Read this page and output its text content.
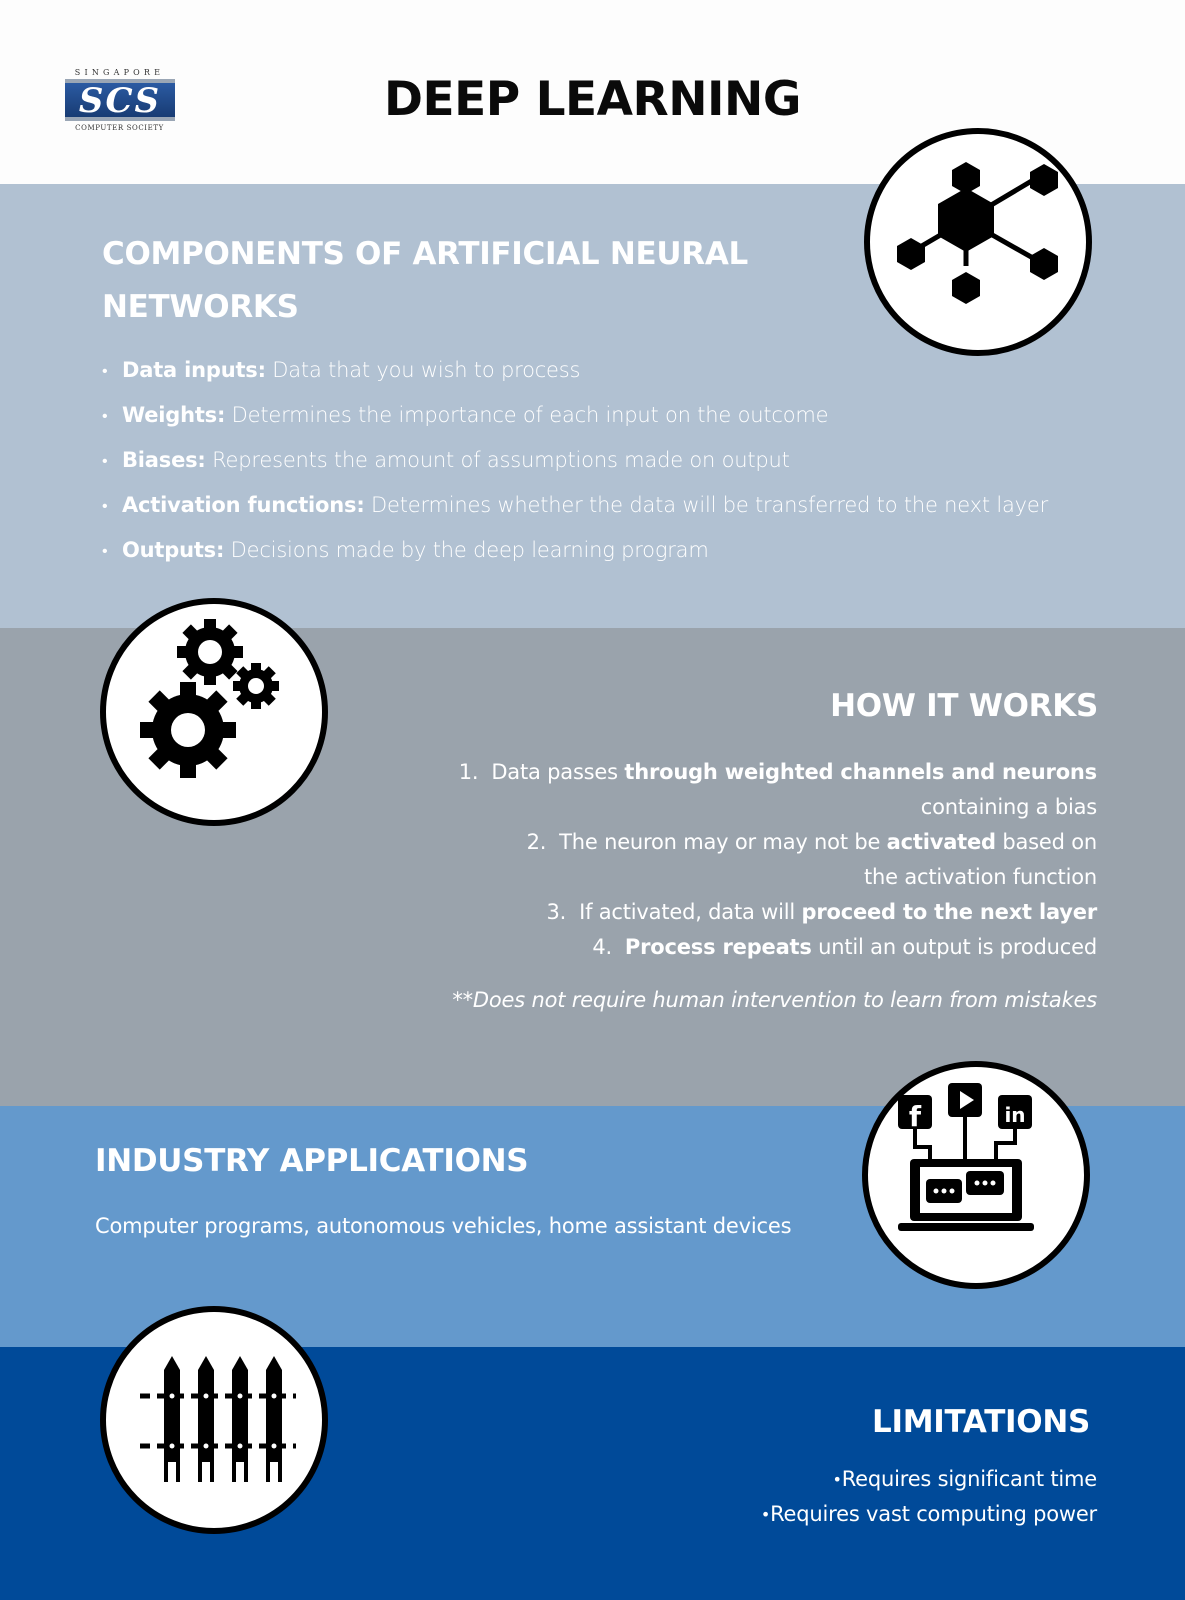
SINGAPORE
SCS
COMPUTER SOCIETY
DEEP LEARNING
COMPONENTS OF ARTIFICIAL NEURAL
NETWORKS
• Data inputs: Data that you wish to process
• Weights: Determines the importance of each input on the outcome
• Biases: Represents the amount of assumptions made on output
• Activation functions: Determines whether the data will be transferred to the next layer
• Outputs: Decisions made by the deep learning program
HOW IT WORKS
1.  Data passes through weighted channels and neurons
containing a bias
2.  The neuron may or may not be activated based on
the activation function
3.  If activated, data will proceed to the next layer
4. Process repeats until an output is produced
**Does not require human intervention to learn from mistakes
INDUSTRY APPLICATIONS
Computer programs, autonomous vehicles, home assistant devices
f	in
LIMITATIONS
•Requires significant time
•Requires vast computing power
